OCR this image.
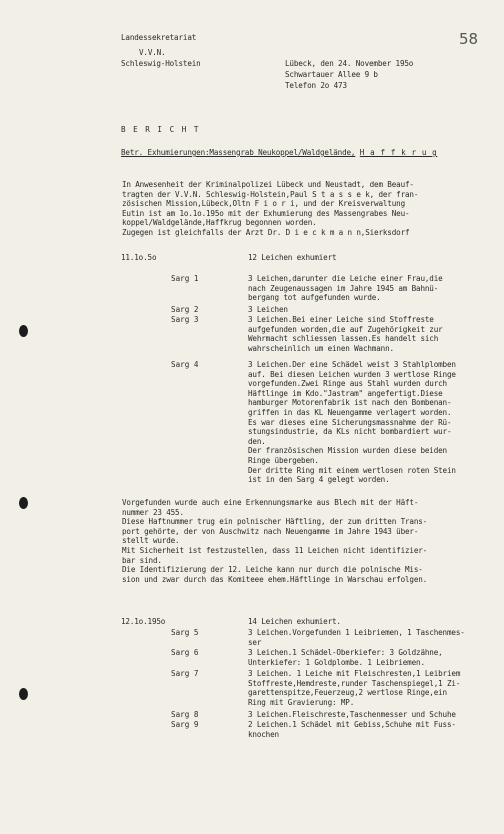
Landessekretariat
V.V.N.
Schleswig-Holstein
58
Lübeck, den 24. November 195o
Schwartauer Allee 9 b
Telefon 2o 473
B E R I C H T
Betr. Exhumierungen:Massengrab Neukoppel/Waldgelände, H a f f k r u g
In Anwesenheit der Kriminalpolizei Lübeck und Neustadt, dem Beauf-
tragten der V.V.N. Schleswig-Holstein,Paul S t a s s e k, der fran-
zösischen Mission,Lübeck,Oltn F i o r i, und der Kreisverwaltung
Eutin ist am 1o.1o.195o mit der Exhumierung des Massengrabes Neu-
koppel/Waldgelände,Haffkrug begonnen worden.
Zugegen ist gleichfalls der Arzt Dr. D i e c k m a n n,Sierksdorf
11.1o.5o	12 Leichen exhumiert
Sarg 1	3 Leichen,darunter die Leiche einer Frau,die
nach Zeugenaussagen im Jahre 1945 am Bahnü-
bergang tot aufgefunden wurde.
Sarg 2	3 Leichen
Sarg 3	3 Leichen.Bei einer Leiche sind Stoffreste
aufgefunden worden,die auf Zugehörigkeit zur
Wehrmacht schliessen lassen.Es handelt sich
wahrscheinlich um einen Wachmann.
Sarg 4	3 Leichen.Der eine Schädel weist 3 Stahlplomben
auf. Bei diesen Leichen wurden 3 wertlose Ringe
vorgefunden.Zwei Ringe aus Stahl wurden durch
Häftlinge im Kdo."Jastram" angefertigt.Diese
hamburger Motorenfabrik ist nach den Bombenan-
griffen in das KL Neuengamme verlagert worden.
Es war dieses eine Sicherungsmassnahme der Rü-
stungsindustrie, da KLs nicht bombardiert wur-
den.
Der französischen Mission wurden diese beiden
Ringe übergeben.
Der dritte Ring mit einem wertlosen roten Stein
ist in den Sarg 4 gelegt worden.
Vorgefunden wurde auch eine Erkennungsmarke aus Blech mit der Häft-
nummer 23 455.
Diese Haftnummer trug ein polnischer Häftling, der zum dritten Trans-
port gehörte, der von Auschwitz nach Neuengamme im Jahre 1943 über-
stellt wurde.
Mit Sicherheit ist festzustellen, dass 11 Leichen nicht identifizier-
bar sind.
Die Identifizierung der 12. Leiche kann nur durch die polnische Mis-
sion und zwar durch das Komiteee ehem.Häftlinge in Warschau erfolgen.
12.1o.195o	14 Leichen exhumiert.
Sarg 5	3 Leichen.Vorgefunden 1 Leibriemen, 1 Taschenmes-
ser
Sarg 6	3 Leichen.1 Schädel-Oberkiefer: 3 Goldzähne,
Unterkiefer: 1 Goldplombe. 1 Leibriemen.
Sarg 7	3 Leichen. 1 Leiche mit Fleischresten,1 Leibriem
Stoffreste,Hemdreste,runder Taschenspiegel,1 Zi-
garettenspitze,Feuerzeug,2 wertlose Ringe,ein
Ring mit Gravierung: MP.
Sarg 8	3 Leichen.Fleischreste,Taschenmesser und Schuhe
Sarg 9	2 Leichen.1 Schädel mit Gebiss,Schuhe mit Fuss-
knochen
